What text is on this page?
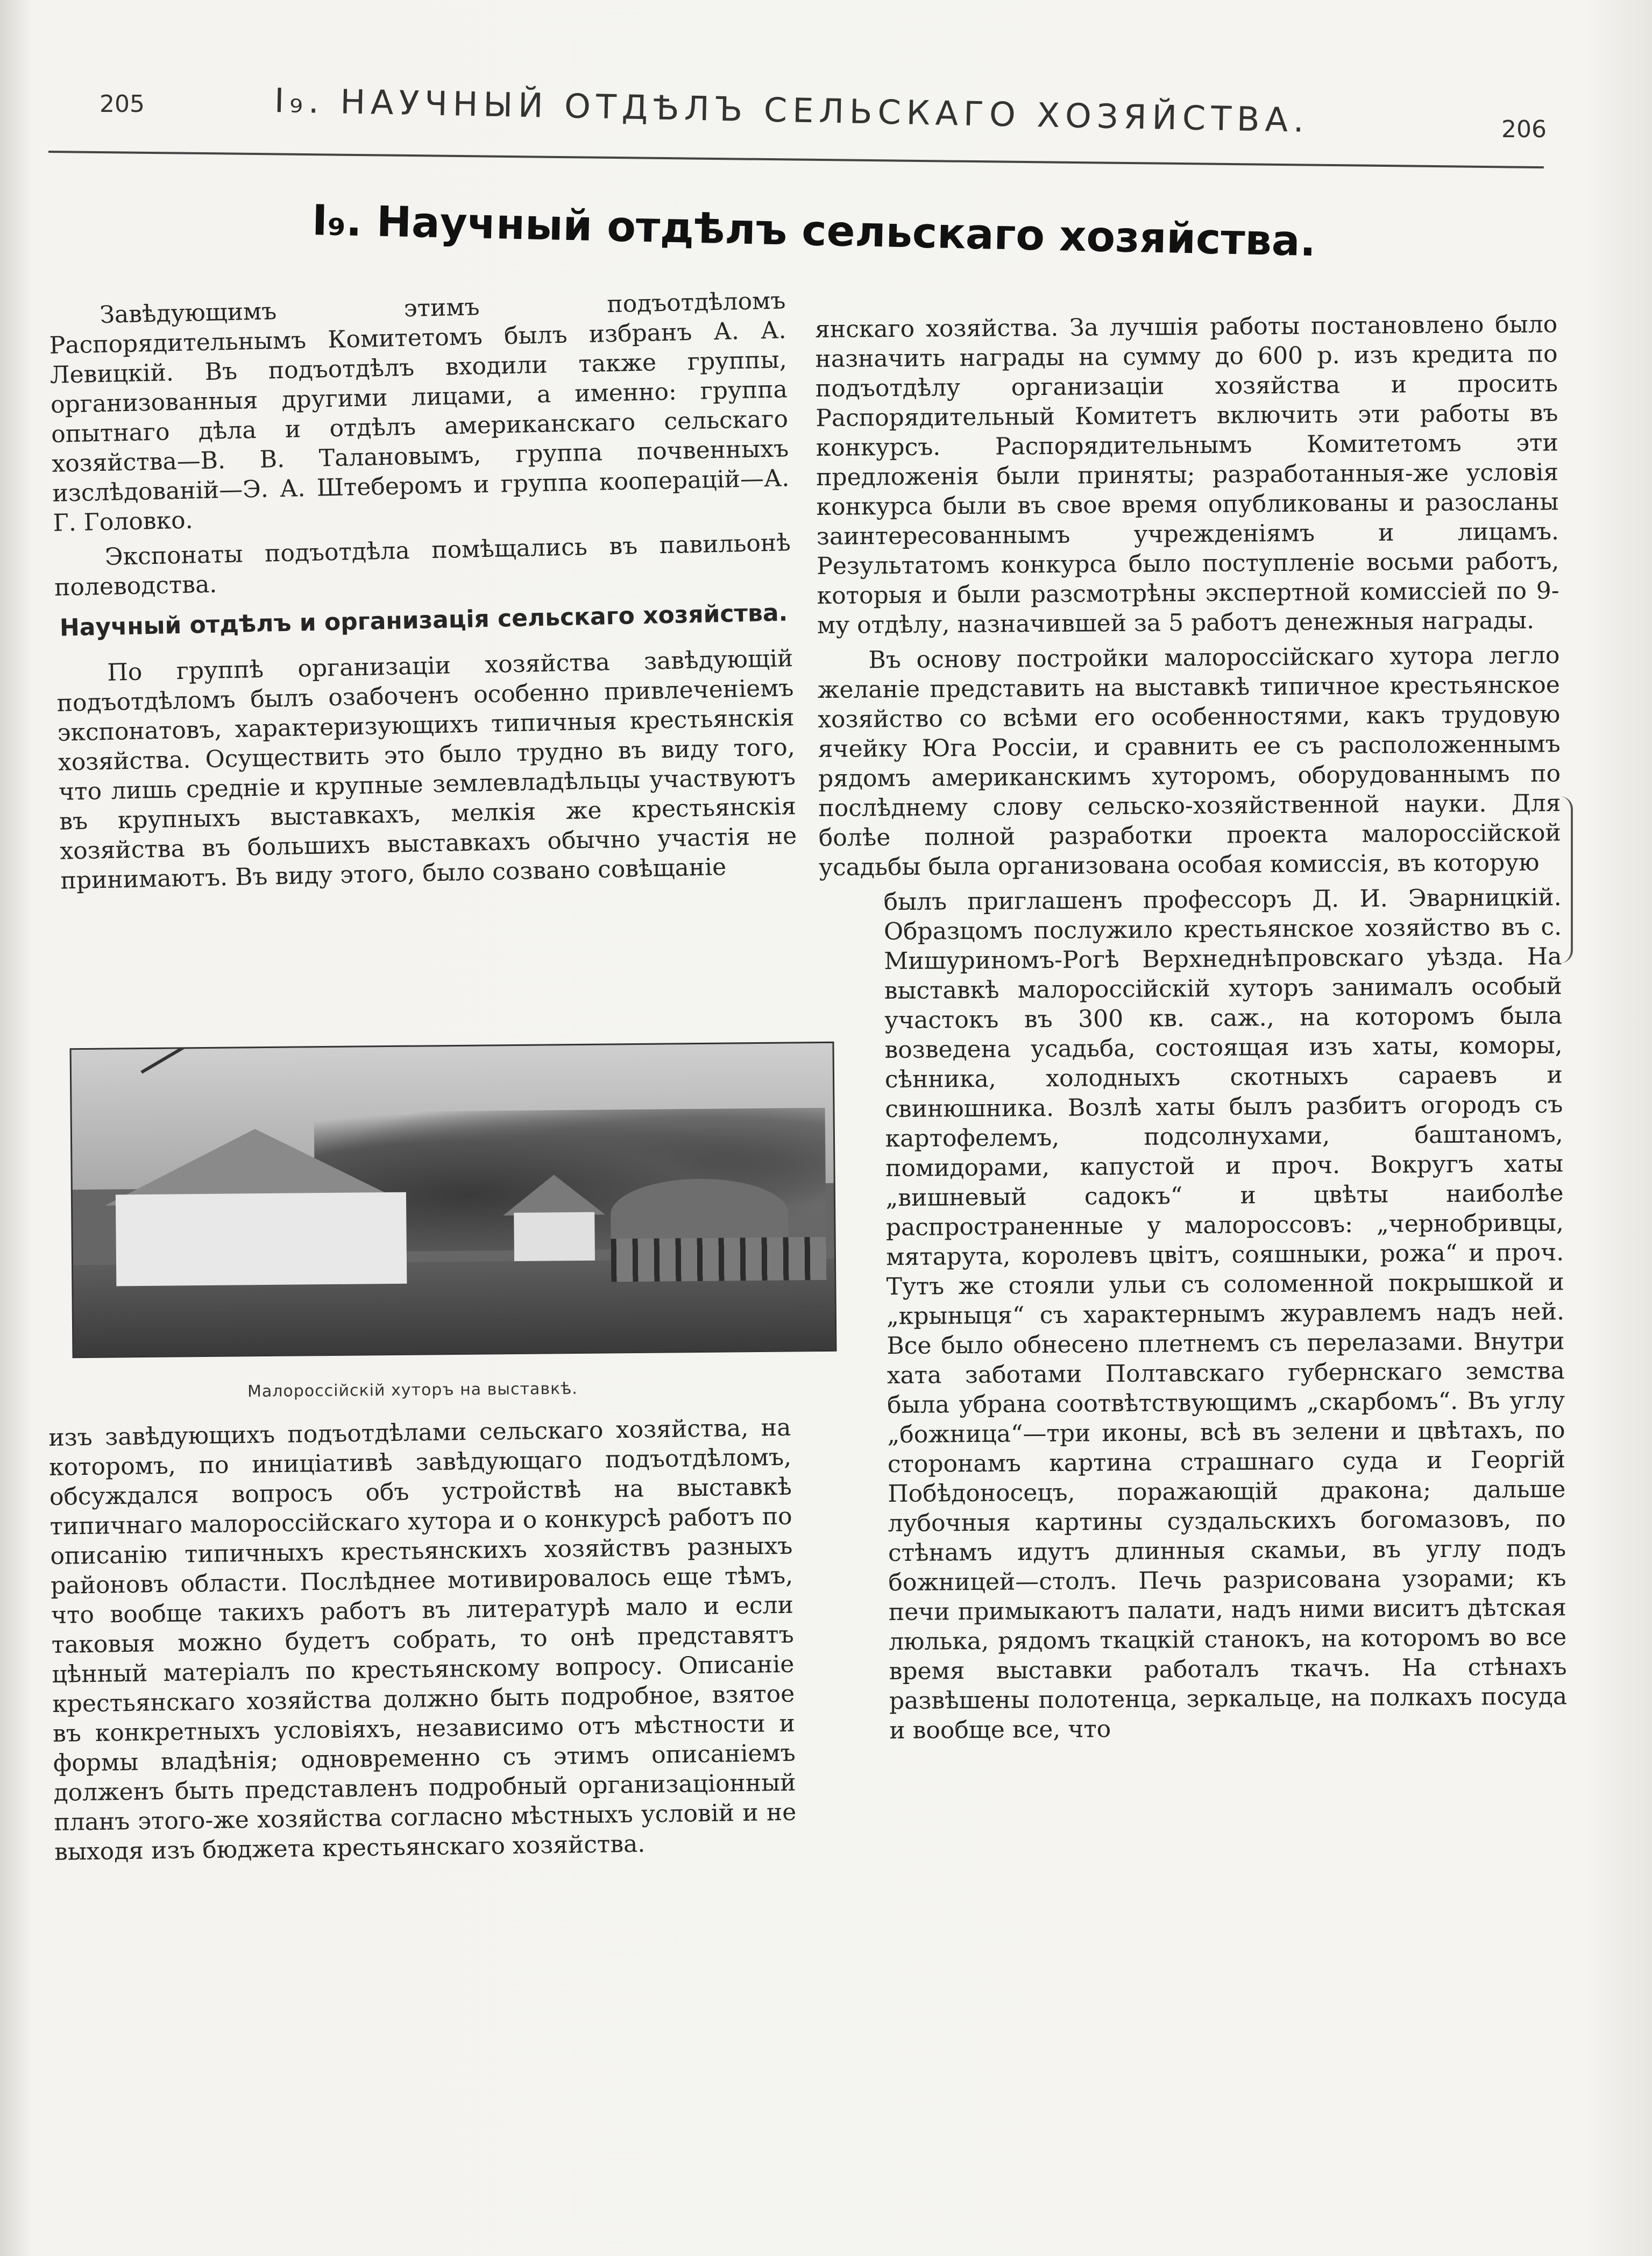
205	I₉. НАУЧНЫЙ ОТДѢЛЪ СЕЛЬСКАГО ХОЗЯЙСТВА.	206
I₉. Научный отдѣлъ сельскаго хозяйства.

Завѣдующимъ этимъ подъотдѣломъ Распорядительнымъ Комитетомъ былъ избранъ А. А. Левицкій. Въ подъотдѣлъ входили также группы, организованныя другими лицами, а именно: группа опытнаго дѣла и отдѣлъ американскаго сельскаго хозяйства—В. В. Талановымъ, группа почвенныхъ изслѣдованій—Э. А. Штеберомъ и группа кооперацій—А. Г. Головко.

Экспонаты подъотдѣла помѣщались въ павильонѣ полеводства.

Научный отдѣлъ и организація сельскаго хозяйства.

По группѣ организаціи хозяйства завѣдующій подъотдѣломъ былъ озабоченъ особенно привлеченіемъ экспонатовъ, характеризующихъ типичныя крестьянскія хозяйства. Осуществить это было трудно въ виду того, что лишь средніе и крупные землевладѣльцы участвуютъ въ крупныхъ выставкахъ, мелкія же крестьянскія хозяйства въ большихъ выставкахъ обычно участія не принимаютъ. Въ виду этого, было созвано совѣщаніе

Малороссійскій хуторъ на выставкѣ.

изъ завѣдующихъ подъотдѣлами сельскаго хозяйства, на которомъ, по иниціативѣ завѣдующаго подъотдѣломъ, обсуждался вопросъ объ устройствѣ на выставкѣ типичнаго малороссійскаго хутора и о конкурсѣ работъ по описанію типичныхъ крестьянскихъ хозяйствъ разныхъ районовъ области. Послѣднее мотивировалось еще тѣмъ, что вообще такихъ работъ въ литературѣ мало и если таковыя можно будетъ собрать, то онѣ представятъ цѣнный матеріалъ по крестьянскому вопросу. Описаніе крестьянскаго хозяйства должно быть подробное, взятое въ конкретныхъ условіяхъ, независимо отъ мѣстности и формы владѣнія; одновременно съ этимъ описаніемъ долженъ быть представленъ подробный организаціонный планъ этого-же хозяйства согласно мѣстныхъ условій и не выходя изъ бюджета крестьянскаго хозяйства.

янскаго хозяйства. За лучшія работы постановлено было назначить награды на сумму до 600 р. изъ кредита по подъотдѣлу организаціи хозяйства и просить Распорядительный Комитетъ включить эти работы въ конкурсъ. Распорядительнымъ Комитетомъ эти предложенія были приняты; разработанныя-же условія конкурса были въ свое время опубликованы и разосланы заинтересованнымъ учрежденіямъ и лицамъ. Результатомъ конкурса было поступленіе восьми работъ, которыя и были разсмотрѣны экспертной комиссіей по 9-му отдѣлу, назначившей за 5 работъ денежныя награды.

Въ основу постройки малороссійскаго хутора легло желаніе представить на выставкѣ типичное крестьянское хозяйство со всѣми его особенностями, какъ трудовую ячейку Юга Россіи, и сравнить ее съ расположеннымъ рядомъ американскимъ хуторомъ, оборудованнымъ по послѣднему слову сельско-хозяйственной науки. Для болѣе полной разработки проекта малороссійской усадьбы была организована особая комиссія, въ которую

былъ приглашенъ профессоръ Д. И. Эварницкій. Образцомъ послужило крестьянское хозяйство въ с. Мишуриномъ-Рогѣ Верхнеднѣпровскаго уѣзда. На выставкѣ малороссійскій хуторъ занималъ особый участокъ въ 300 кв. саж., на которомъ была возведена усадьба, состоящая изъ хаты, коморы, сѣнника, холодныхъ скотныхъ сараевъ и свинюшника. Возлѣ хаты былъ разбитъ огородъ съ картофелемъ, подсолнухами, баштаномъ, помидорами, капустой и проч. Вокругъ хаты „вишневый садокъ“ и цвѣты наиболѣе распространенные у малороссовъ: „чернобривцы, мятарута, королевъ цвітъ, сояшныки, рожа“ и проч. Тутъ же стояли ульи съ соломенной покрышкой и „крыныця“ съ характернымъ журавлемъ надъ ней. Все было обнесено плетнемъ съ перелазами. Внутри хата заботами Полтавскаго губернскаго земства была убрана соотвѣтствующимъ „скарбомъ“. Въ углу „божница“—три иконы, всѣ въ зелени и цвѣтахъ, по сторонамъ картина страшнаго суда и Георгій Побѣдоносецъ, поражающій дракона; дальше лубочныя картины суздальскихъ богомазовъ, по стѣнамъ идутъ длинныя скамьи, въ углу подъ божницей—столъ. Печь разрисована узорами; къ печи примыкаютъ палати, надъ ними виситъ дѣтская люлька, рядомъ ткацкій станокъ, на которомъ во все время выставки работалъ ткачъ. На стѣнахъ развѣшены полотенца, зеркальце, на полкахъ посуда и вообще все, что
